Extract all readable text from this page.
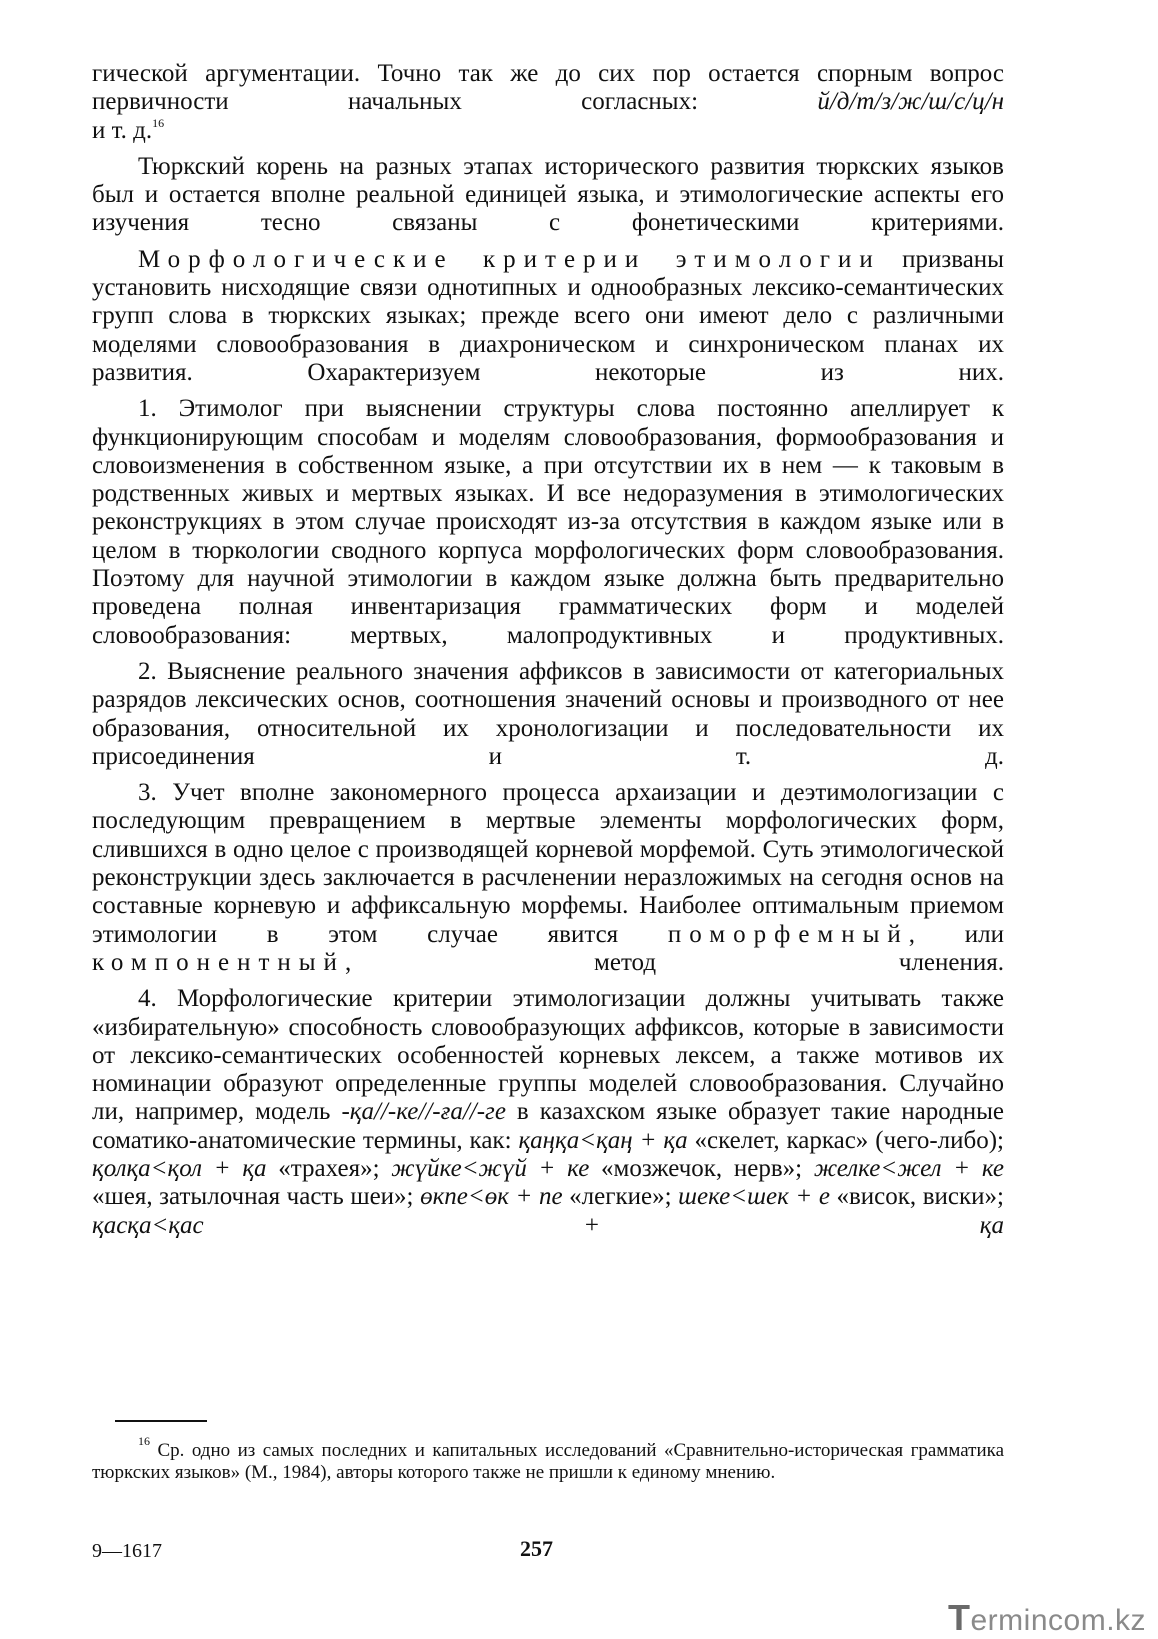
гической аргументации. Точно так же до сих пор остается спорным вопрос первичности начальных согласных: й/д/т/з/ж/ш/с/ц/н
и т. д.$^{16}$

Тюркский корень на разных этапах исторического развития тюркских языков был и остается вполне реальной единицей языка, и этимологические аспекты его изучения тесно связаны с фонетическими критериями.

Морфологические критерии этимологии призваны установить нисходящие связи однотипных и однообразных лексико-семантических групп слова в тюркских языках; прежде всего они имеют дело с различными моделями словообразования в диахроническом и синхроническом планах их развития. Охарактеризуем некоторые из них.

1. Этимолог при выяснении структуры слова постоянно апеллирует к функционирующим способам и моделям словообразования, формообразования и словоизменения в собственном языке, а при отсутствии их в нем — к таковым в родственных живых и мертвых языках. И все недоразумения в этимологических реконструкциях в этом случае происходят из-за отсутствия в каждом языке или в целом в тюркологии сводного корпуса морфологических форм словообразования. Поэтому для научной этимологии в каждом языке должна быть предварительно проведена полная инвентаризация грамматических форм и моделей словообразования: мертвых, малопродуктивных и продуктивных.

2. Выяснение реального значения аффиксов в зависимости от категориальных разрядов лексических основ, соотношения значений основы и производного от нее образования, относительной их хронологизации и последовательности их присоединения и т. д.

3. Учет вполне закономерного процесса архаизации и деэтимологизации с последующим превращением в мертвые элементы морфологических форм, слившихся в одно целое с производящей корневой морфемой. Суть этимологической реконструкции здесь заключается в расчленении неразложимых на сегодня основ на составные корневую и аффиксальную морфемы. Наиболее оптимальным приемом этимологии в этом случае явится поморфемный, или компонентный, метод членения.

4. Морфологические критерии этимологизации должны учитывать также «избирательную» способность словообразующих аффиксов, которые в зависимости от лексико-семантических особенностей корневых лексем, а также мотивов их номинации образуют определенные группы моделей словообразования. Случайно ли, например, модель -қа//-ке//-ға//-ге в казахском языке образует такие народные соматико-анатомические термины, как: қаңқа<қаң + қа «скелет, каркас» (чего-либо); қолқа<қол + қа «трахея»; жүйке<жүй + ке «мозжечок, нерв»; желке<жел + ке «шея, затылочная часть шеи»; өкпе<өк + пе «легкие»; шеке<шек + е «висок, виски»; қасқа<қас + қа

$^{16}$ Ср. одно из самых последних и капитальных исследований «Сравнительно-историческая грамматика тюркских языков» (М., 1984), авторы которого также не пришли к единому мнению.
9—1617	257
Termincom.kz
